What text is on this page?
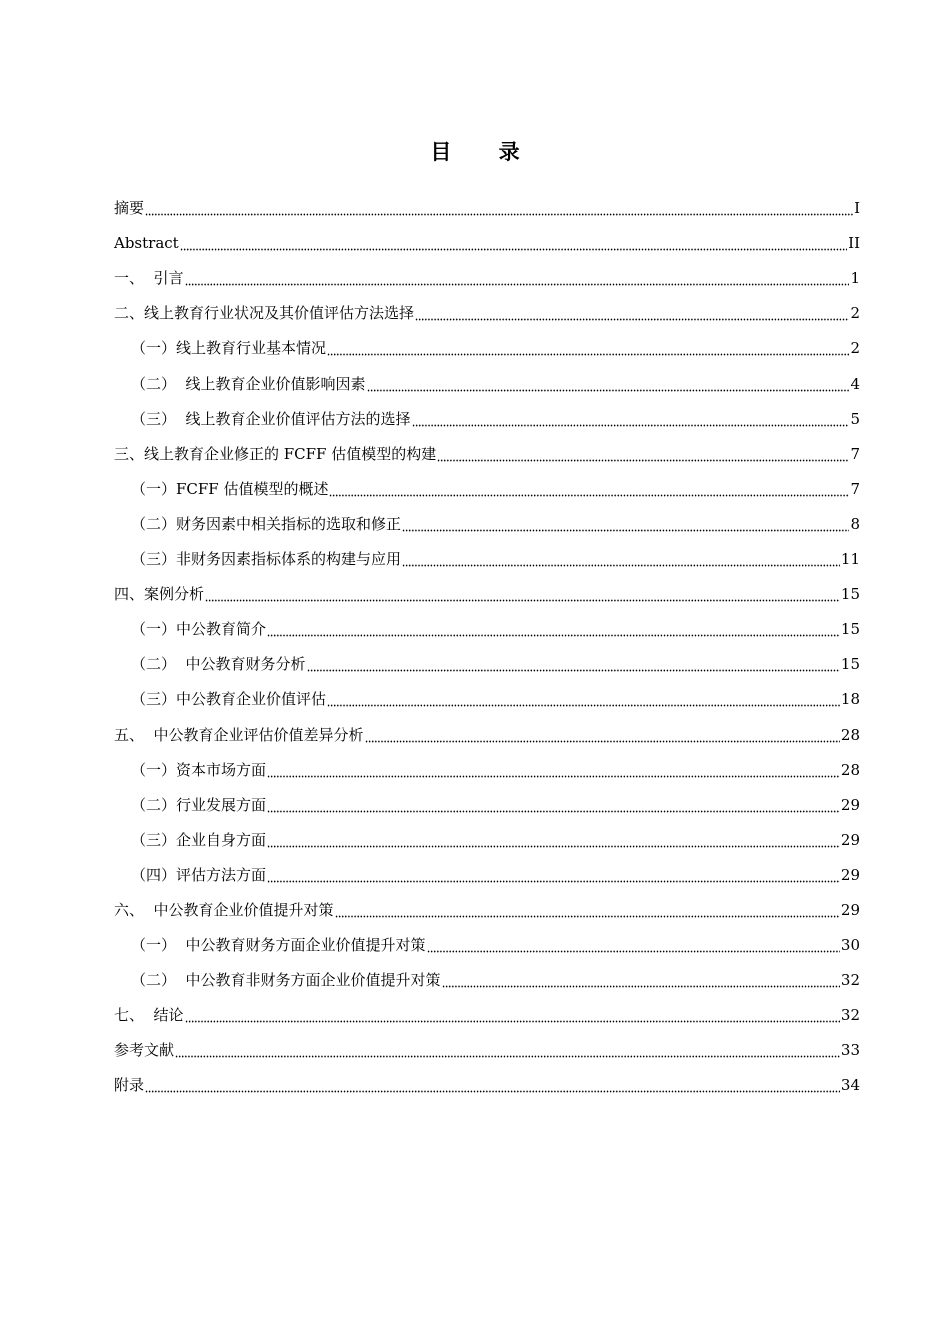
目 录
摘要	I
Abstract	II
一、  引言	1
二、线上教育行业状况及其价值评估方法选择	2
（一）线上教育行业基本情况	2
（二）  线上教育企业价值影响因素	4
（三）  线上教育企业价值评估方法的选择	5
三、线上教育企业修正的 FCFF 估值模型的构建	7
（一）FCFF 估值模型的概述	7
（二）财务因素中相关指标的选取和修正	8
（三）非财务因素指标体系的构建与应用	11
四、案例分析	15
（一）中公教育简介	15
（二）  中公教育财务分析	15
（三）中公教育企业价值评估	18
五、  中公教育企业评估价值差异分析	28
（一）资本市场方面	28
（二）行业发展方面	29
（三）企业自身方面	29
（四）评估方法方面	29
六、  中公教育企业价值提升对策	29
（一）  中公教育财务方面企业价值提升对策	30
（二）  中公教育非财务方面企业价值提升对策	32
七、  结论	32
参考文献	33
附录	34
